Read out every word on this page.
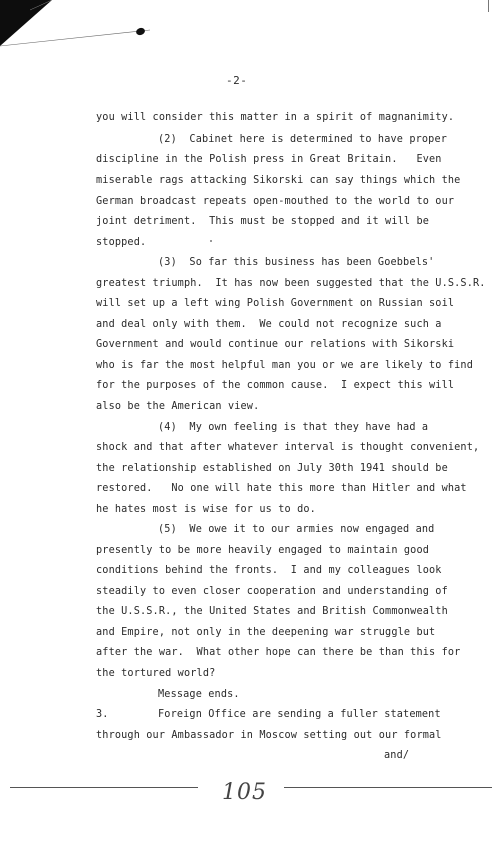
-2-
you will consider this matter in a spirit of magnanimity.
(2)  Cabinet here is determined to have proper
discipline in the Polish press in Great Britain.   Even
miserable rags attacking Sikorski can say things which the
German broadcast repeats open-mouthed to the world to our
joint detriment.  This must be stopped and it will be
stopped.
(3)  So far this business has been Goebbels'
greatest triumph.  It has now been suggested that the U.S.S.R.
will set up a left wing Polish Government on Russian soil
and deal only with them.  We could not recognize such a
Government and would continue our relations with Sikorski
who is far the most helpful man you or we are likely to find
for the purposes of the common cause.  I expect this will
also be the American view.
(4)  My own feeling is that they have had a
shock and that after whatever interval is thought convenient,
the relationship established on July 30th 1941 should be
restored.   No one will hate this more than Hitler and what
he hates most is wise for us to do.
(5)  We owe it to our armies now engaged and
presently to be more heavily engaged to maintain good
conditions behind the fronts.  I and my colleagues look
steadily to even closer cooperation and understanding of
the U.S.S.R., the United States and British Commonwealth
and Empire, not only in the deepening war struggle but
after the war.  What other hope can there be than this for
the tortured world?
Message ends.
3.	Foreign Office are sending a fuller statement
through our Ambassador in Moscow setting out our formal
and/
105
